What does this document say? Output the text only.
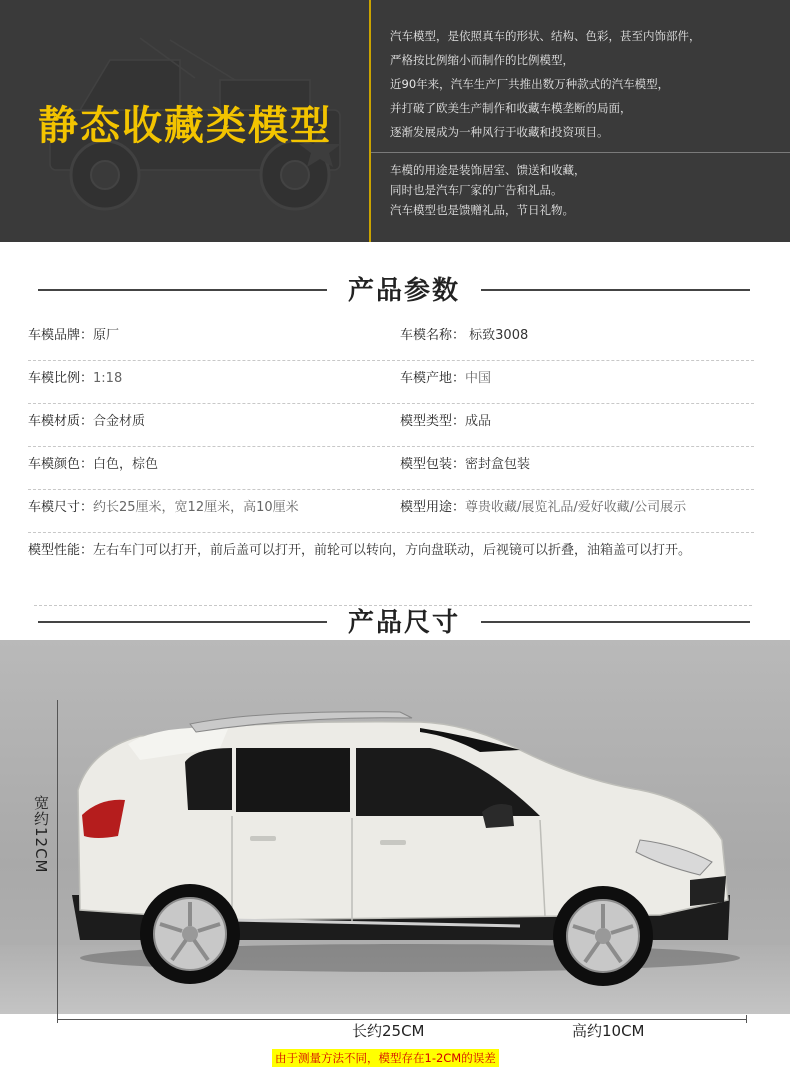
静态收藏类模型
汽车模型，是依照真车的形状、结构、色彩，甚至内饰部件，
严格按比例缩小而制作的比例模型，
近90年来，汽车生产厂共推出数万种款式的汽车模型，
并打破了欧美生产制作和收藏车模垄断的局面，
逐渐发展成为一种风行于收藏和投资项目。
车模的用途是装饰居室、馈送和收藏，
同时也是汽车厂家的广告和礼品。
汽车模型也是馈赠礼品，节日礼物。
产品参数
车模品牌：原厂	车模名称： 标致3008
车模比例：1:18	车模产地：中国
车模材质：合金材质	模型类型：成品
车模颜色：白色，棕色	模型包装：密封盒包装
车模尺寸：约长25厘米，宽12厘米，高10厘米	模型用途：尊贵收藏/展览礼品/爱好收藏/公司展示
模型性能：左右车门可以打开，前后盖可以打开，前轮可以转向，方向盘联动，后视镜可以折叠，油箱盖可以打开。
产品尺寸
宽约12CM
长约25CM	高约10CM
由于测量方法不同，模型存在1-2CM的误差
